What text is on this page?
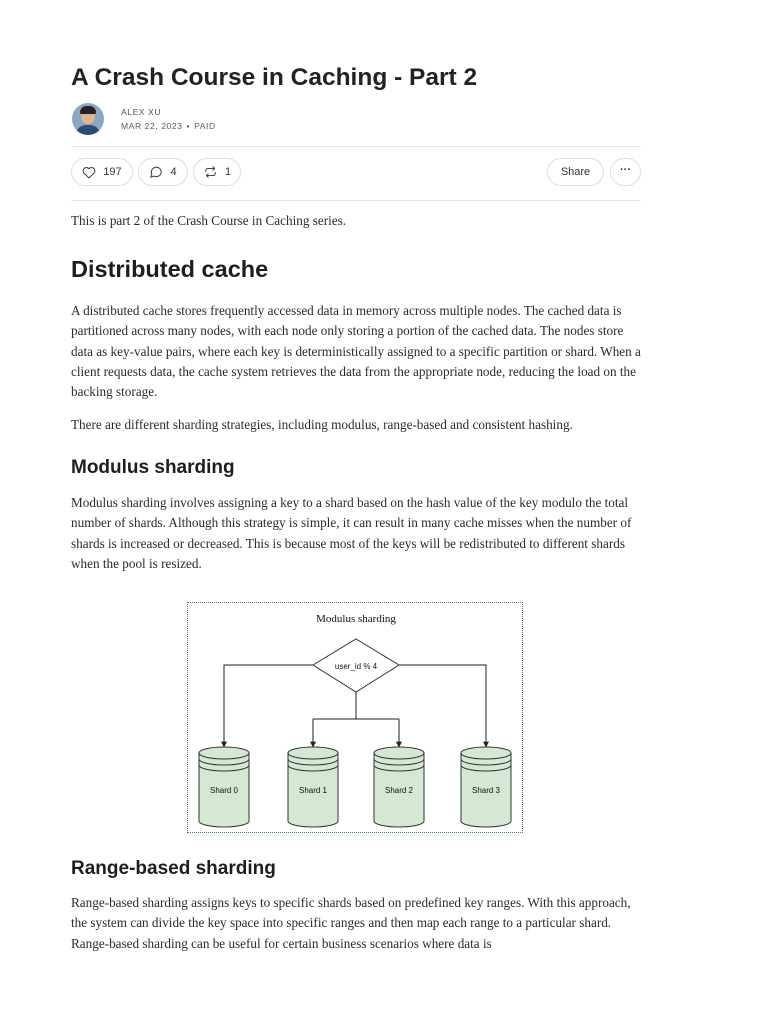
A Crash Course in Caching - Part 2
ALEX XU
MAR 22, 2023 • PAID
197	4	1	Share	···

This is part 2 of the Crash Course in Caching series.

Distributed cache

A distributed cache stores frequently accessed data in memory across multiple nodes. The cached data is partitioned across many nodes, with each node only storing a portion of the cached data. The nodes store data as key-value pairs, where each key is deterministically assigned to a specific partition or shard. When a client requests data, the cache system retrieves the data from the appropriate node, reducing the load on the backing storage.

There are different sharding strategies, including modulus, range-based and consistent hashing.

Modulus sharding

Modulus sharding involves assigning a key to a shard based on the hash value of the key modulo the total number of shards. Although this strategy is simple, it can result in many cache misses when the number of shards is increased or decreased. This is because most of the keys will be redistributed to different shards when the pool is resized.

Modulus sharding
user_id % 4
Shard 0	Shard 1	Shard 2	Shard 3
Range-based sharding

Range-based sharding assigns keys to specific shards based on predefined key ranges. With this approach, the system can divide the key space into specific ranges and then map each range to a particular shard. Range-based sharding can be useful for certain business scenarios where data is
